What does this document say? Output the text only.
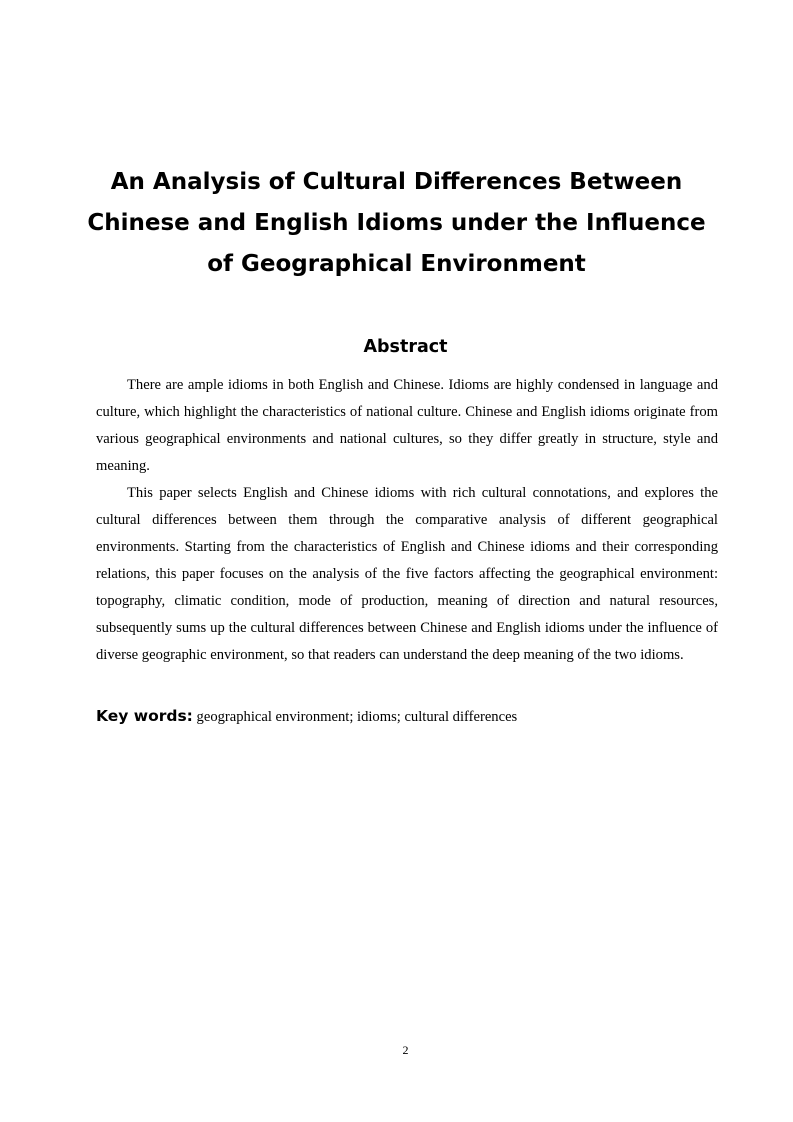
An Analysis of Cultural Differences Between
Chinese and English Idioms under the Influence
of Geographical Environment
Abstract

There are ample idioms in both English and Chinese. Idioms are highly condensed in language and culture, which highlight the characteristics of national culture. Chinese and English idioms originate from various geographical environments and national cultures, so they differ greatly in structure, style and meaning.

This paper selects English and Chinese idioms with rich cultural connotations, and explores the cultural differences between them through the comparative analysis of different geographical environments. Starting from the characteristics of English and Chinese idioms and their corresponding relations, this paper focuses on the analysis of the five factors affecting the geographical environment: topography, climatic condition, mode of production, meaning of direction and natural resources, subsequently sums up the cultural differences between Chinese and English idioms under the influence of diverse geographic environment, so that readers can understand the deep meaning of the two idioms.

Key words: geographical environment; idioms; cultural differences
2
